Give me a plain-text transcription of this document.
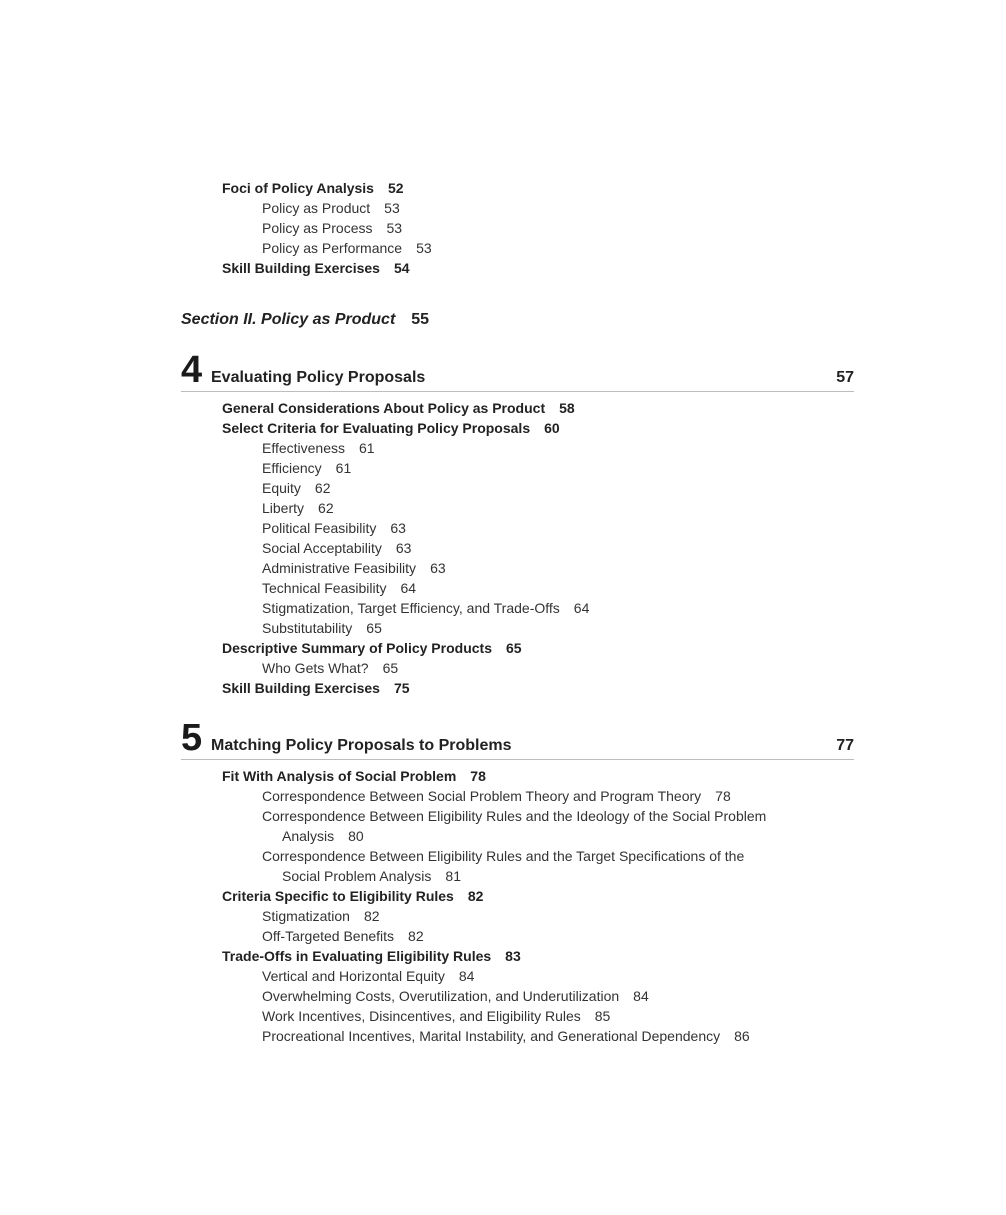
Foci of Policy Analysis 52
Policy as Product 53
Policy as Process 53
Policy as Performance 53
Skill Building Exercises 54
Section II. Policy as Product 55
4 Evaluating Policy Proposals	57
General Considerations About Policy as Product 58
Select Criteria for Evaluating Policy Proposals 60
Effectiveness 61
Efficiency 61
Equity 62
Liberty 62
Political Feasibility 63
Social Acceptability 63
Administrative Feasibility 63
Technical Feasibility 64
Stigmatization, Target Efficiency, and Trade-Offs 64
Substitutability 65
Descriptive Summary of Policy Products 65
Who Gets What? 65
Skill Building Exercises 75
5 Matching Policy Proposals to Problems	77
Fit With Analysis of Social Problem 78
Correspondence Between Social Problem Theory and Program Theory 78
Correspondence Between Eligibility Rules and the Ideology of the Social Problem
Analysis 80
Correspondence Between Eligibility Rules and the Target Specifications of the
Social Problem Analysis 81
Criteria Specific to Eligibility Rules 82
Stigmatization 82
Off-Targeted Benefits 82
Trade-Offs in Evaluating Eligibility Rules 83
Vertical and Horizontal Equity 84
Overwhelming Costs, Overutilization, and Underutilization 84
Work Incentives, Disincentives, and Eligibility Rules 85
Procreational Incentives, Marital Instability, and Generational Dependency 86
